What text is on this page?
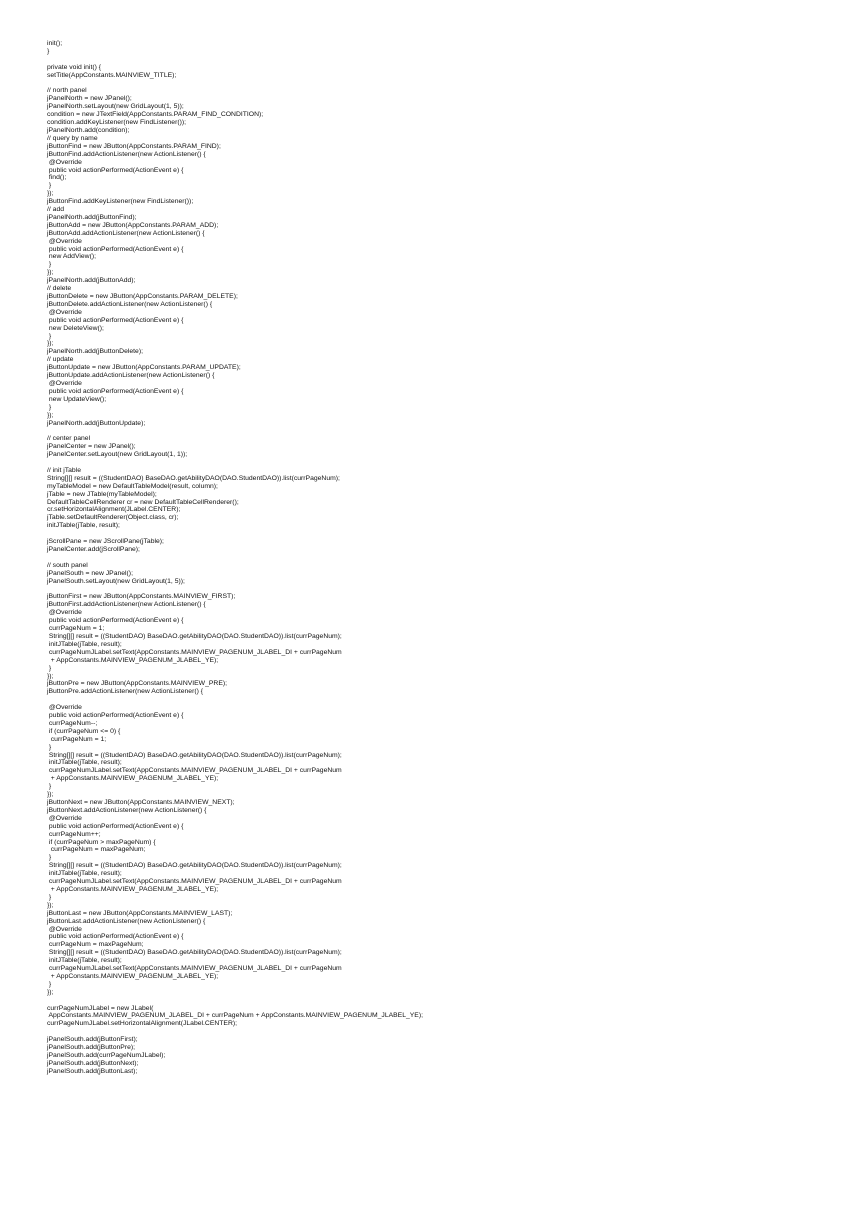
init();
}
private void init() {
setTitle(AppConstants.MAINVIEW_TITLE);
// north panel
jPanelNorth = new JPanel();
jPanelNorth.setLayout(new GridLayout(1, 5));
condition = new JTextField(AppConstants.PARAM_FIND_CONDITION);
condition.addKeyListener(new FindListener());
jPanelNorth.add(condition);
// query by name
jButtonFind = new JButton(AppConstants.PARAM_FIND);
jButtonFind.addActionListener(new ActionListener() {
@Override
public void actionPerformed(ActionEvent e) {
find();
}
});
jButtonFind.addKeyListener(new FindListener());
// add
jPanelNorth.add(jButtonFind);
jButtonAdd = new JButton(AppConstants.PARAM_ADD);
jButtonAdd.addActionListener(new ActionListener() {
@Override
public void actionPerformed(ActionEvent e) {
new AddView();
}
});
jPanelNorth.add(jButtonAdd);
// delete
jButtonDelete = new JButton(AppConstants.PARAM_DELETE);
jButtonDelete.addActionListener(new ActionListener() {
@Override
public void actionPerformed(ActionEvent e) {
new DeleteView();
}
});
jPanelNorth.add(jButtonDelete);
// update
jButtonUpdate = new JButton(AppConstants.PARAM_UPDATE);
jButtonUpdate.addActionListener(new ActionListener() {
@Override
public void actionPerformed(ActionEvent e) {
new UpdateView();
}
});
jPanelNorth.add(jButtonUpdate);
// center panel
jPanelCenter = new JPanel();
jPanelCenter.setLayout(new GridLayout(1, 1));
// init jTable
String[][] result = ((StudentDAO) BaseDAO.getAbilityDAO(DAO.StudentDAO)).list(currPageNum);
myTableModel = new DefaultTableModel(result, column);
jTable = new JTable(myTableModel);
DefaultTableCellRenderer cr = new DefaultTableCellRenderer();
cr.setHorizontalAlignment(JLabel.CENTER);
jTable.setDefaultRenderer(Object.class, cr);
initJTable(jTable, result);
jScrollPane = new JScrollPane(jTable);
jPanelCenter.add(jScrollPane);
// south panel
jPanelSouth = new JPanel();
jPanelSouth.setLayout(new GridLayout(1, 5));
jButtonFirst = new JButton(AppConstants.MAINVIEW_FIRST);
jButtonFirst.addActionListener(new ActionListener() {
@Override
public void actionPerformed(ActionEvent e) {
currPageNum = 1;
String[][] result = ((StudentDAO) BaseDAO.getAbilityDAO(DAO.StudentDAO)).list(currPageNum);
initJTable(jTable, result);
currPageNumJLabel.setText(AppConstants.MAINVIEW_PAGENUM_JLABEL_DI + currPageNum
+ AppConstants.MAINVIEW_PAGENUM_JLABEL_YE);
}
});
jButtonPre = new JButton(AppConstants.MAINVIEW_PRE);
jButtonPre.addActionListener(new ActionListener() {
@Override
public void actionPerformed(ActionEvent e) {
currPageNum--;
if (currPageNum <= 0) {
currPageNum = 1;
}
String[][] result = ((StudentDAO) BaseDAO.getAbilityDAO(DAO.StudentDAO)).list(currPageNum);
initJTable(jTable, result);
currPageNumJLabel.setText(AppConstants.MAINVIEW_PAGENUM_JLABEL_DI + currPageNum
+ AppConstants.MAINVIEW_PAGENUM_JLABEL_YE);
}
});
jButtonNext = new JButton(AppConstants.MAINVIEW_NEXT);
jButtonNext.addActionListener(new ActionListener() {
@Override
public void actionPerformed(ActionEvent e) {
currPageNum++;
if (currPageNum > maxPageNum) {
currPageNum = maxPageNum;
}
String[][] result = ((StudentDAO) BaseDAO.getAbilityDAO(DAO.StudentDAO)).list(currPageNum);
initJTable(jTable, result);
currPageNumJLabel.setText(AppConstants.MAINVIEW_PAGENUM_JLABEL_DI + currPageNum
+ AppConstants.MAINVIEW_PAGENUM_JLABEL_YE);
}
});
jButtonLast = new JButton(AppConstants.MAINVIEW_LAST);
jButtonLast.addActionListener(new ActionListener() {
@Override
public void actionPerformed(ActionEvent e) {
currPageNum = maxPageNum;
String[][] result = ((StudentDAO) BaseDAO.getAbilityDAO(DAO.StudentDAO)).list(currPageNum);
initJTable(jTable, result);
currPageNumJLabel.setText(AppConstants.MAINVIEW_PAGENUM_JLABEL_DI + currPageNum
+ AppConstants.MAINVIEW_PAGENUM_JLABEL_YE);
}
});
currPageNumJLabel = new JLabel(
AppConstants.MAINVIEW_PAGENUM_JLABEL_DI + currPageNum + AppConstants.MAINVIEW_PAGENUM_JLABEL_YE);
currPageNumJLabel.setHorizontalAlignment(JLabel.CENTER);
jPanelSouth.add(jButtonFirst);
jPanelSouth.add(jButtonPre);
jPanelSouth.add(currPageNumJLabel);
jPanelSouth.add(jButtonNext);
jPanelSouth.add(jButtonLast);
